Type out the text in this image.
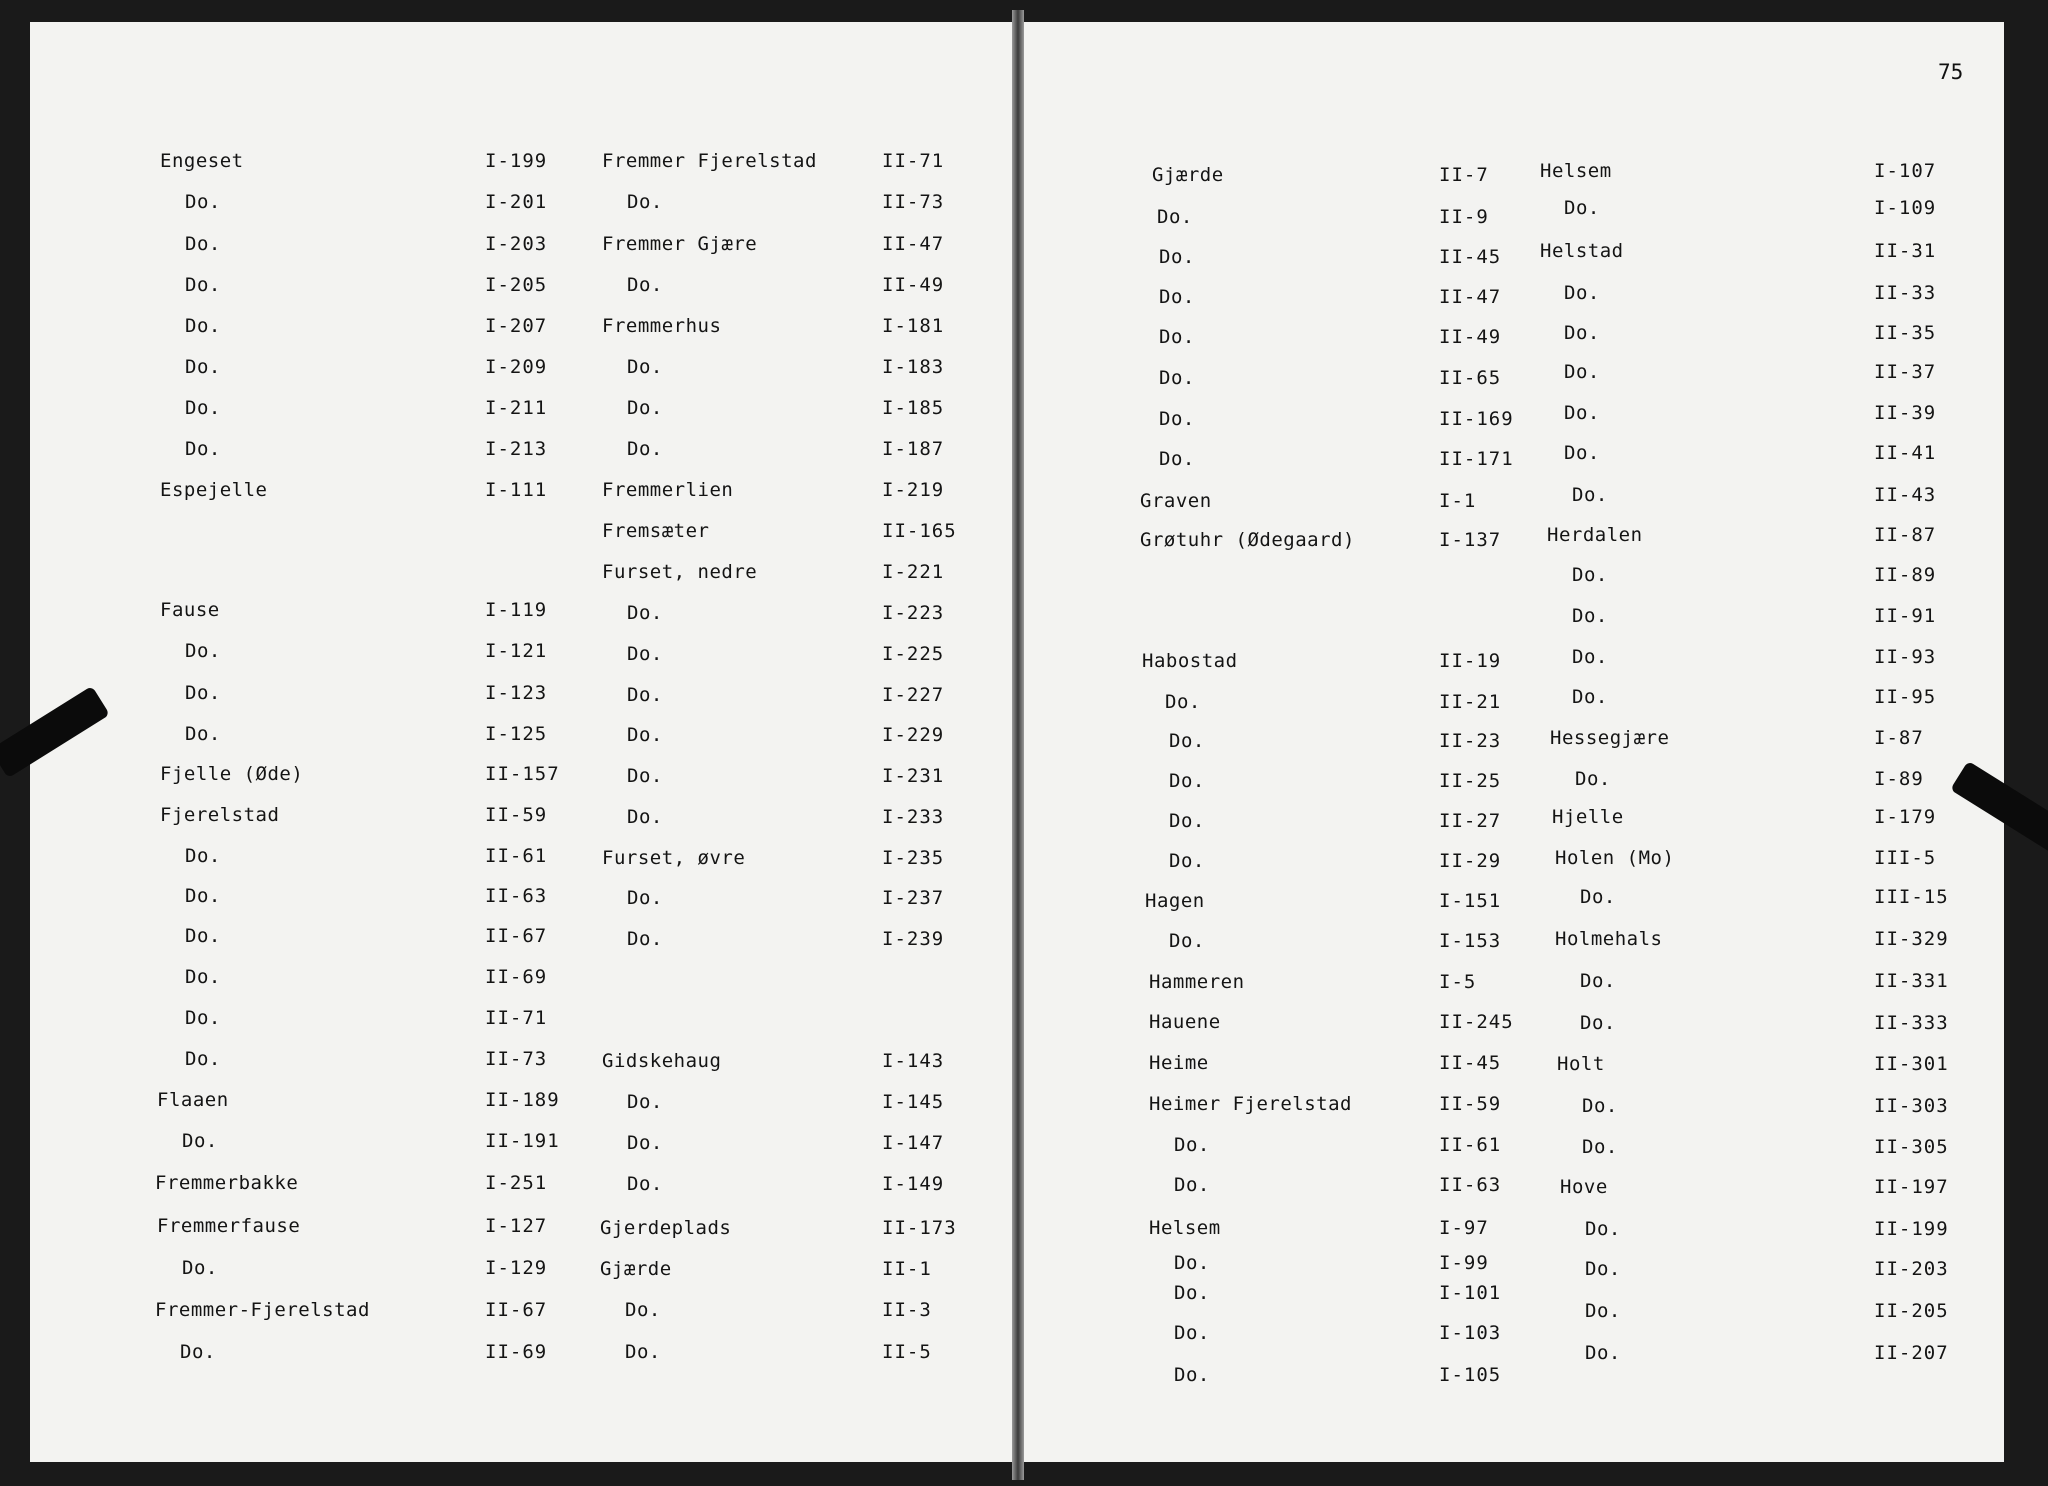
Engeset
Do.
Do.
Do.
Do.
Do.
Do.
Do.
Espejelle
Fause
Do.
Do.
Do.
Fjelle (Øde)
Fjerelstad
Do.
Do.
Do.
Do.
Do.
Do.
Flaaen
Do.
Fremmerbakke
Fremmerfause
Do.
Fremmer-Fjerelstad
Do.
I-199
I-201
I-203
I-205
I-207
I-209
I-211
I-213
I-111
I-119
I-121
I-123
I-125
II-157
II-59
II-61
II-63
II-67
II-69
II-71
II-73
II-189
II-191
I-251
I-127
I-129
II-67
II-69
Fremmer Fjerelstad
Do.
Fremmer Gjære
Do.
Fremmerhus
Do.
Do.
Do.
Fremmerlien
Fremsæter
Furset, nedre
Do.
Do.
Do.
Do.
Do.
Do.
Furset, øvre
Do.
Do.
Gidskehaug
Do.
Do.
Do.
Gjerdeplads
Gjærde
Do.
Do.
II-71
II-73
II-47
II-49
I-181
I-183
I-185
I-187
I-219
II-165
I-221
I-223
I-225
I-227
I-229
I-231
I-233
I-235
I-237
I-239
I-143
I-145
I-147
I-149
II-173
II-1
II-3
II-5
Gjærde
Do.
Do.
Do.
Do.
Do.
Do.
Do.
Graven
Grøtuhr (Ødegaard)
Habostad
Do.
Do.
Do.
Do.
Do.
Hagen
Do.
Hammeren
Hauene
Heime
Heimer Fjerelstad
Do.
Do.
Helsem
Do.
Do.
Do.
Do.
II-7
II-9
II-45
II-47
II-49
II-65
II-169
II-171
I-1
I-137
II-19
II-21
II-23
II-25
II-27
II-29
I-151
I-153
I-5
II-245
II-45
II-59
II-61
II-63
I-97
I-99
I-101
I-103
I-105
Helsem
Do.
Helstad
Do.
Do.
Do.
Do.
Do.
Do.
Herdalen
Do.
Do.
Do.
Do.
Hessegjære
Do.
Hjelle
Holen (Mo)
Do.
Holmehals
Do.
Do.
Holt
Do.
Do.
Hove
Do.
Do.
Do.
Do.
I-107
I-109
II-31
II-33
II-35
II-37
II-39
II-41
II-43
II-87
II-89
II-91
II-93
II-95
I-87
I-89
I-179
III-5
III-15
II-329
II-331
II-333
II-301
II-303
II-305
II-197
II-199
II-203
II-205
II-207
75
